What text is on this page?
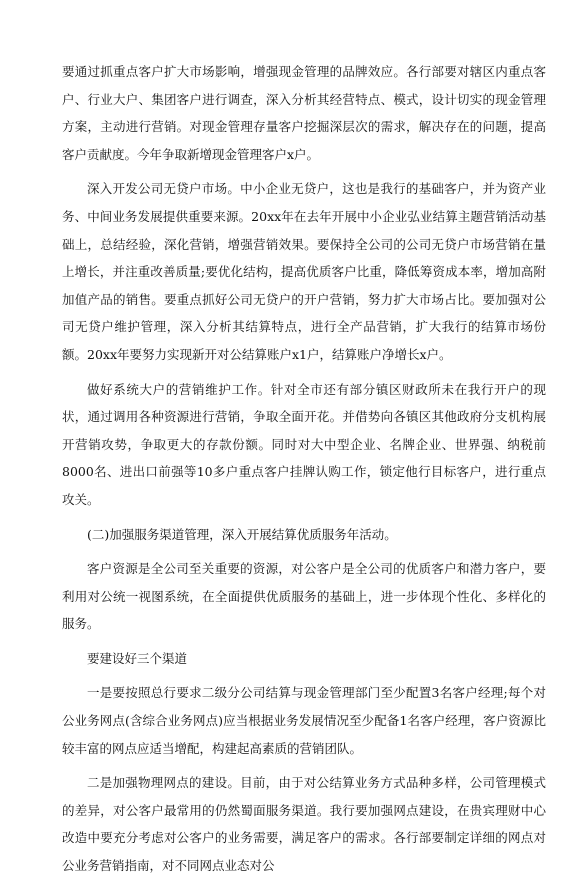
要通过抓重点客户扩大市场影响，增强现金管理的品牌效应。各行部要对辖区内重点客户、行业大户、集团客户进行调查，深入分析其经营特点、模式，设计切实的现金管理方案，主动进行营销。对现金管理存量客户挖掘深层次的需求，解决存在的问题，提高客户贡献度。今年争取新增现金管理客户x户。

深入开发公司无贷户市场。中小企业无贷户，这也是我行的基础客户，并为资产业务、中间业务发展提供重要来源。20xx年在去年开展中小企业弘业结算主题营销活动基础上，总结经验，深化营销，增强营销效果。要保持全公司的公司无贷户市场营销在量上增长，并注重改善质量;要优化结构，提高优质客户比重，降低筹资成本率，增加高附加值产品的销售。要重点抓好公司无贷户的开户营销，努力扩大市场占比。要加强对公司无贷户维护管理，深入分析其结算特点，进行全产品营销，扩大我行的结算市场份额。20xx年要努力实现新开对公结算账户x1户，结算账户净增长x户。

做好系统大户的营销维护工作。针对全市还有部分镇区财政所未在我行开户的现状，通过调用各种资源进行营销，争取全面开花。并借势向各镇区其他政府分支机构展开营销攻势，争取更大的存款份额。同时对大中型企业、名牌企业、世界强、纳税前8000名、进出口前强等10多户重点客户挂牌认购工作，锁定他行目标客户，进行重点攻关。

(二)加强服务渠道管理，深入开展结算优质服务年活动。

客户资源是全公司至关重要的资源，对公客户是全公司的优质客户和潜力客户，要利用对公统一视图系统，在全面提供优质服务的基础上，进一步体现个性化、多样化的服务。

要建设好三个渠道

一是要按照总行要求二级分公司结算与现金管理部门至少配置3名客户经理;每个对公业务网点(含综合业务网点)应当根据业务发展情况至少配备1名客户经理，客户资源比较丰富的网点应适当增配，构建起高素质的营销团队。

二是加强物理网点的建设。目前，由于对公结算业务方式品种多样，公司管理模式的差异，对公客户最常用的仍然蜀面服务渠道。我行要加强网点建设，在贵宾理财中心改造中要充分考虑对公客户的业务需要，满足客户的需求。各行部要制定详细的网点对公业务营销指南，对不同网点业态对公
